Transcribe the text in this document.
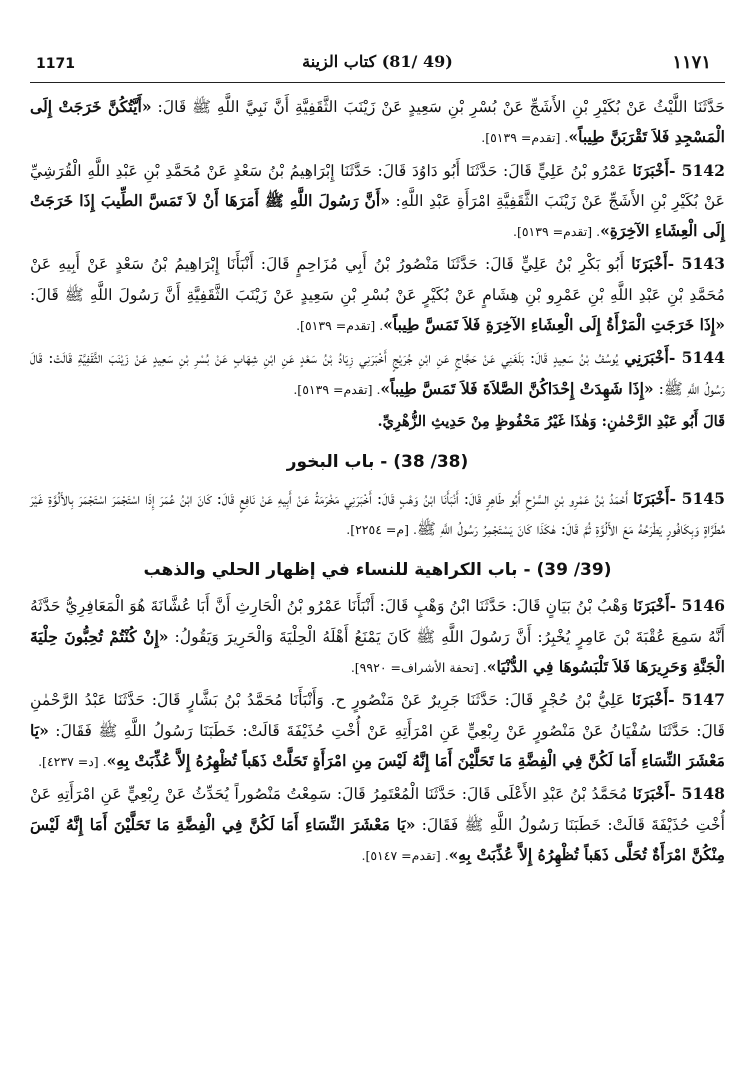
1171	(49 /81) كتاب الزينة	١١٧١

حَدَّثَنَا اللَّيْثُ عَنْ بُكَيْرِ بْنِ الأَشَجِّ عَنْ بُسْرِ بْنِ سَعِيدٍ عَنْ زَيْنَبَ الثَّقَفِيَّةِ أَنَّ نَبِيَّ اللَّهِ ﷺ قَالَ: «أَيَّتُكُنَّ خَرَجَتْ إِلَى الْمَسْجِدِ فَلاَ تَقْرَبَنَّ طِيباً». [تقدم= ٥١٣٩].

5142 -أَخْبَرَنَا عَمْرُو بْنُ عَلِيٍّ قَالَ: حَدَّثَنَا أَبُو دَاوُدَ قَالَ: حَدَّثَنَا إِبْرَاهِيمُ بْنُ سَعْدٍ عَنْ مُحَمَّدِ بْنِ عَبْدِ اللَّهِ الْقُرَشِيِّ عَنْ بُكَيْرِ بْنِ الأَشَجِّ عَنْ زَيْنَبَ الثَّقَفِيَّةِ امْرَأَةِ عَبْدِ اللَّهِ: «أَنَّ رَسُولَ اللَّهِ ﷺ أَمَرَهَا أَنْ لاَ تَمَسَّ الطِّيبَ إِذَا خَرَجَتْ إِلَى الْعِشَاءِ الآخِرَةِ». [تقدم= ٥١٣٩].

5143 -أَخْبَرَنَا أَبُو بَكْرِ بْنُ عَلِيٍّ قَالَ: حَدَّثَنَا مَنْصُورُ بْنُ أَبِي مُزَاحِمٍ قَالَ: أَنْبَأَنَا إِبْرَاهِيمُ بْنُ سَعْدٍ عَنْ أَبِيهِ عَنْ مُحَمَّدِ بْنِ عَبْدِ اللَّهِ بْنِ عَمْرِو بْنِ هِشَامٍ عَنْ بُكَيْرٍ عَنْ بُسْرِ بْنِ سَعِيدٍ عَنْ زَيْنَبَ الثَّقَفِيَّةِ أَنَّ رَسُولَ اللَّهِ ﷺ قَالَ: «إِذَا خَرَجَتِ الْمَرْأَةُ إِلَى الْعِشَاءِ الآخِرَةِ فَلاَ تَمَسَّ طِيباً». [تقدم= ٥١٣٩].

5144 -أَخْبَرَنِي يُوسُفُ بْنُ سَعِيدٍ قَالَ: بَلَغَنِي عَنْ حَجَّاجٍ عَنِ ابْنِ جُرَيْجٍ أَخْبَرَنِي زِيَادُ بْنُ سَعْدٍ عَنِ ابْنِ شِهَابٍ عَنْ بُسْرِ بْنِ سَعِيدٍ عَنْ زَيْنَبَ الثَّقَفِيَّةِ قَالَتْ: قَالَ رَسُولُ اللَّهِ ﷺ: «إِذَا شَهِدَتْ إِحْدَاكُنَّ الصَّلاَةَ فَلاَ تَمَسَّ طِيباً». [تقدم= ٥١٣٩].

قَالَ أَبُو عَبْدِ الرَّحْمٰنِ: وَهٰذَا غَيْرُ مَحْفُوظٍ مِنْ حَدِيثِ الزُّهْرِيِّ.

(38/ 38) - باب البخور

5145 -أَخْبَرَنَا أَحْمَدُ بْنُ عَمْرِو بْنِ السَّرْحِ أَبُو طَاهِرٍ قَالَ: أَنْبَأَنَا ابْنُ وَهْبٍ قَالَ: أَخْبَرَنِي مَخْرَمَةُ عَنْ أَبِيهِ عَنْ نَافِعٍ قَالَ: كَانَ ابْنُ عُمَرَ إِذَا اسْتَجْمَرَ اسْتَجْمَرَ بِالأَلُوَّةِ غَيْرَ مُطَرَّاةٍ وَبِكَافُورٍ يَطْرَحُهُ مَعَ الأَلُوَّةِ ثُمَّ قَالَ: هٰكَذَا كَانَ يَسْتَجْمِرُ رَسُولُ اللَّهِ ﷺ. [م= ٢٢٥٤].

(39/ 39) - باب الكراهية للنساء في إظهار الحلي والذهب

5146 -أَخْبَرَنَا وَهْبُ بْنُ بَيَانٍ قَالَ: حَدَّثَنَا ابْنُ وَهْبٍ قَالَ: أَنْبَأَنَا عَمْرُو بْنُ الْحَارِثِ أَنَّ أَبَا عُشَّانَةَ هُوَ الْمَعَافِرِيُّ حَدَّثَهُ أَنَّهُ سَمِعَ عُقْبَةَ بْنَ عَامِرٍ يُخْبِرُ: أَنَّ رَسُولَ اللَّهِ ﷺ كَانَ يَمْنَعُ أَهْلَهُ الْحِلْيَةَ وَالْحَرِيرَ وَيَقُولُ: «إِنْ كُنْتُمْ تُحِبُّونَ حِلْيَةَ الْجَنَّةِ وَحَرِيرَهَا فَلاَ تَلْبَسُوهَا فِي الدُّنْيَا». [تحفة الأشراف= ٩٩٢٠].

5147 -أَخْبَرَنَا عَلِيُّ بْنُ حُجْرٍ قَالَ: حَدَّثَنَا جَرِيرٌ عَنْ مَنْصُورٍ ح. وَأَنْبَأَنَا مُحَمَّدُ بْنُ بَشَّارٍ قَالَ: حَدَّثَنَا عَبْدُ الرَّحْمٰنِ قَالَ: حَدَّثَنَا سُفْيَانُ عَنْ مَنْصُورٍ عَنْ رِبْعِيٍّ عَنِ امْرَأَتِهِ عَنْ أُخْتِ حُذَيْفَةَ قَالَتْ: خَطَبَنَا رَسُولُ اللَّهِ ﷺ فَقَالَ: «يَا مَعْشَرَ النِّسَاءِ أَمَا لَكُنَّ فِي الْفِضَّةِ مَا تَحَلَّيْنَ أَمَا إِنَّهُ لَيْسَ مِنِ امْرَأَةٍ تَحَلَّتْ ذَهَباً تُظْهِرُهُ إِلاَّ عُذِّبَتْ بِهِ». [د= ٤٢٣٧].

5148 -أَخْبَرَنَا مُحَمَّدُ بْنُ عَبْدِ الأَعْلَى قَالَ: حَدَّثَنَا الْمُعْتَمِرُ قَالَ: سَمِعْتُ مَنْصُوراً يُحَدِّثُ عَنْ رِبْعِيٍّ عَنِ امْرَأَتِهِ عَنْ أُخْتِ حُذَيْفَةَ قَالَتْ: خَطَبَنَا رَسُولُ اللَّهِ ﷺ فَقَالَ: «يَا مَعْشَرَ النِّسَاءِ أَمَا لَكُنَّ فِي الْفِضَّةِ مَا تَحَلَّيْنَ أَمَا إِنَّهُ لَيْسَ مِنْكُنَّ امْرَأَةٌ تُحَلَّى ذَهَباً تُظْهِرُهُ إِلاَّ عُذِّبَتْ بِهِ». [تقدم= ٥١٤٧].
